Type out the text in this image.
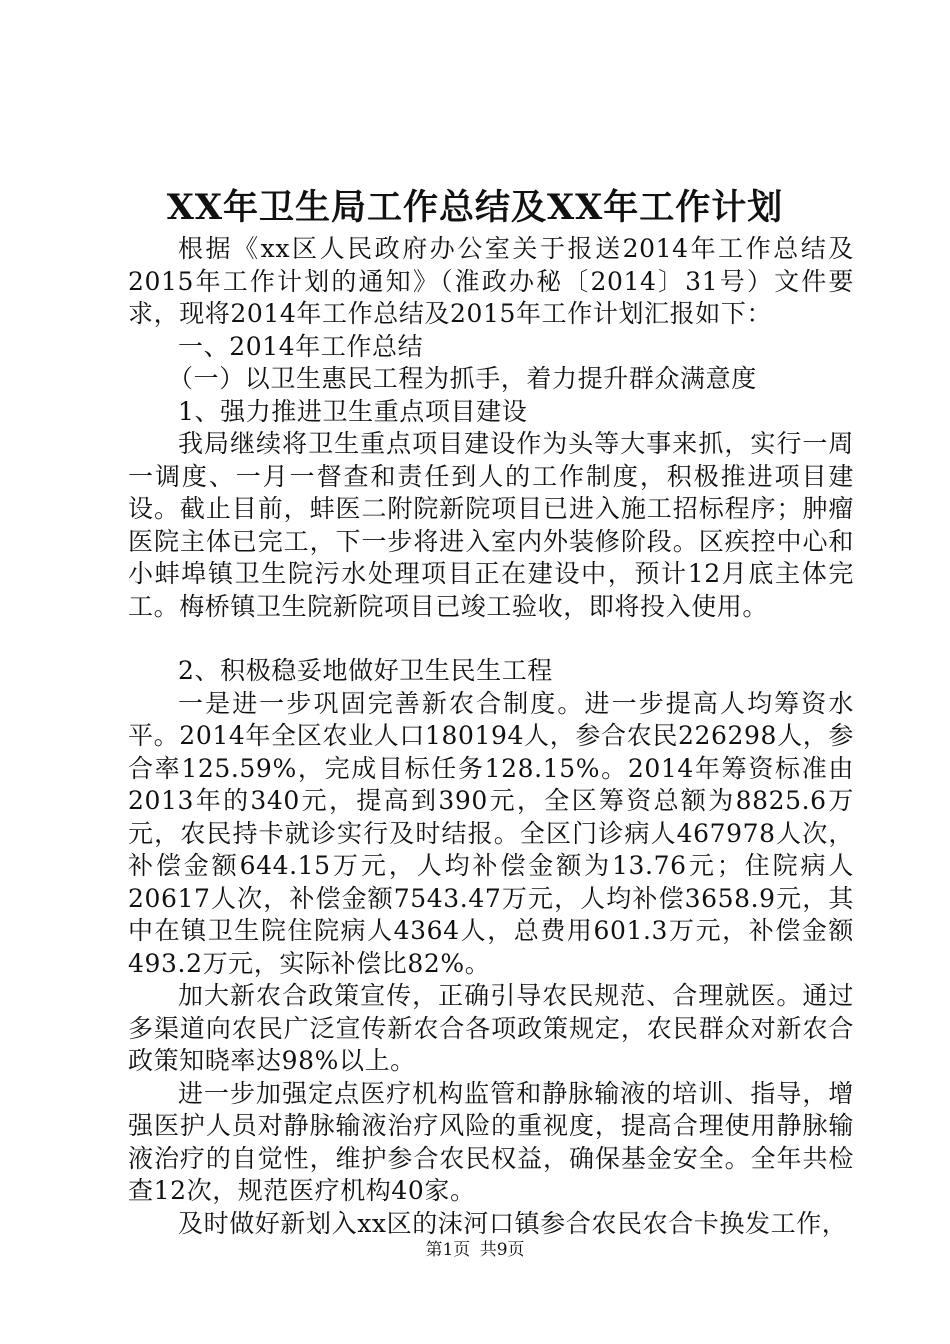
XX年卫生局工作总结及XX年工作计划

根据《xx区人民政府办公室关于报送2014年工作总结及2015年工作计划的通知》（淮政办秘〔2014〕31号）文件要求，现将2014年工作总结及2015年工作计划汇报如下：

一、2014年工作总结

（一）以卫生惠民工程为抓手，着力提升群众满意度

1、强力推进卫生重点项目建设

我局继续将卫生重点项目建设作为头等大事来抓，实行一周一调度、一月一督查和责任到人的工作制度，积极推进项目建设。截止目前，蚌医二附院新院项目已进入施工招标程序；肿瘤医院主体已完工，下一步将进入室内外装修阶段。区疾控中心和小蚌埠镇卫生院污水处理项目正在建设中，预计12月底主体完工。梅桥镇卫生院新院项目已竣工验收，即将投入使用。

2、积极稳妥地做好卫生民生工程

一是进一步巩固完善新农合制度。进一步提高人均筹资水平。2014年全区农业人口180194人，参合农民226298人，参合率125.59%，完成目标任务128.15%。2014年筹资标准由2013年的340元，提高到390元，全区筹资总额为8825.6万元，农民持卡就诊实行及时结报。全区门诊病人467978人次，补偿金额644.15万元，人均补偿金额为13.76元；住院病人20617人次，补偿金额7543.47万元，人均补偿3658.9元，其中在镇卫生院住院病人4364人，总费用601.3万元，补偿金额493.2万元，实际补偿比82%。

加大新农合政策宣传，正确引导农民规范、合理就医。通过多渠道向农民广泛宣传新农合各项政策规定，农民群众对新农合政策知晓率达98%以上。

进一步加强定点医疗机构监管和静脉输液的培训、指导，增强医护人员对静脉输液治疗风险的重视度，提高合理使用静脉输液治疗的自觉性，维护参合农民权益，确保基金安全。全年共检查12次，规范医疗机构40家。

及时做好新划入xx区的沫河口镇参合农民农合卡换发工作，

第1页 共9页
